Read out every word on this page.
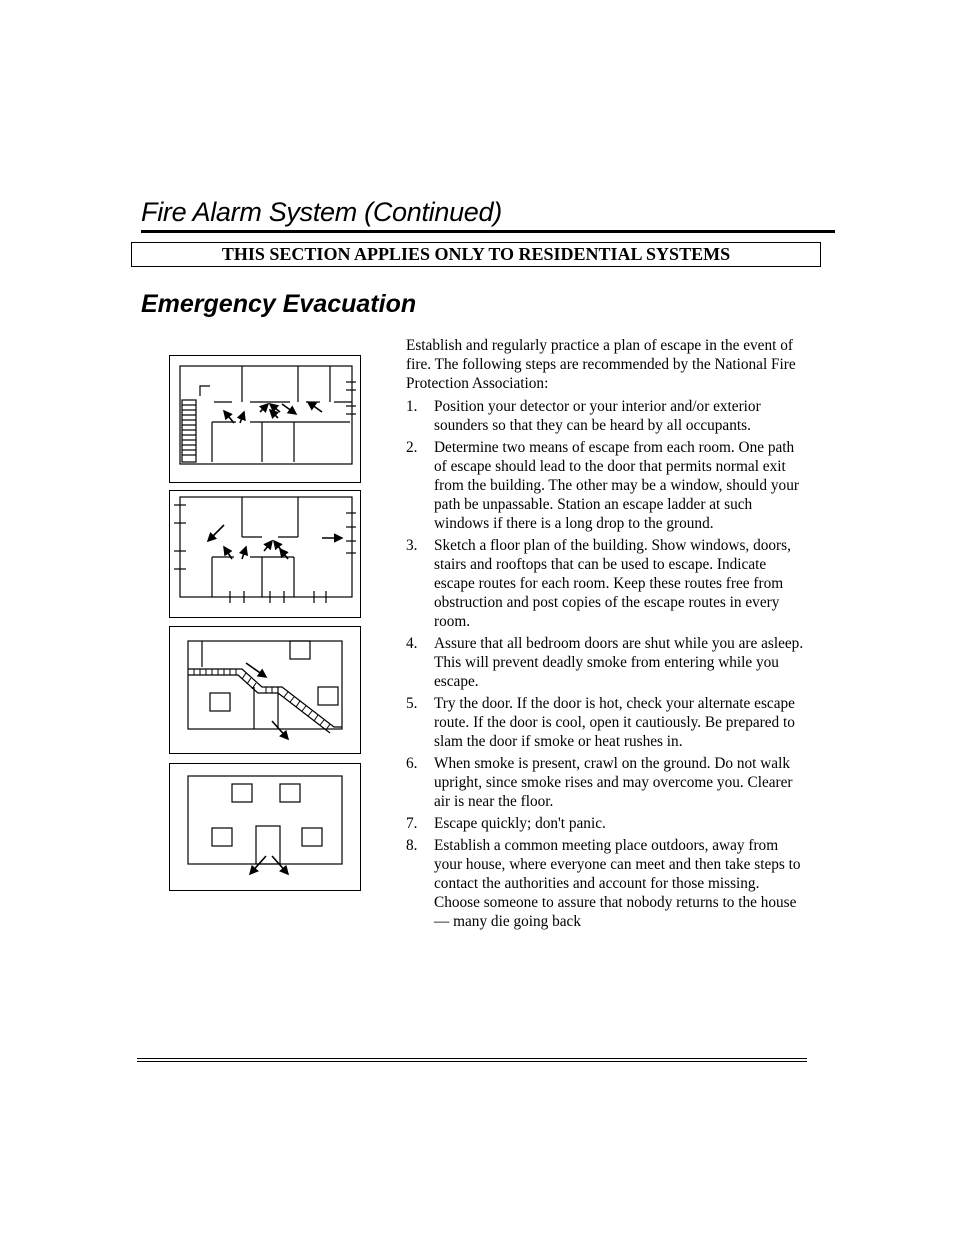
Fire Alarm System (Continued)
THIS SECTION APPLIES ONLY TO RESIDENTIAL SYSTEMS
Emergency Evacuation

Establish and regularly practice a plan of escape in the event of fire. The following steps are recommended by the National Fire Protection Association:

1.	Position your detector or your interior and/or exterior sounders so that they can be heard by all occupants.
2.	Determine two means of escape from each room. One path of escape should lead to the door that permits normal exit from the building. The other may be a window, should your path be unpassable. Station an escape ladder at such windows if there is a long drop to the ground.
3.	Sketch a floor plan of the building. Show windows, doors, stairs and rooftops that can be used to escape. Indicate escape routes for each room. Keep these routes free from obstruction and post copies of the escape routes in every room.
4.	Assure that all bedroom doors are shut while you are asleep. This will prevent deadly smoke from entering while you escape.
5.	Try the door. If the door is hot, check your alternate escape route. If the door is cool, open it cautiously. Be prepared to slam the door if smoke or heat rushes in.
6.	When smoke is present, crawl on the ground. Do not walk upright, since smoke rises and may overcome you. Clearer air is near the floor.
7.	Escape quickly; don't panic.
8.	Establish a common meeting place outdoors, away from your house, where everyone can meet and then take steps to contact the authorities and account for those missing. Choose someone to assure that nobody returns to the house — many die going back
